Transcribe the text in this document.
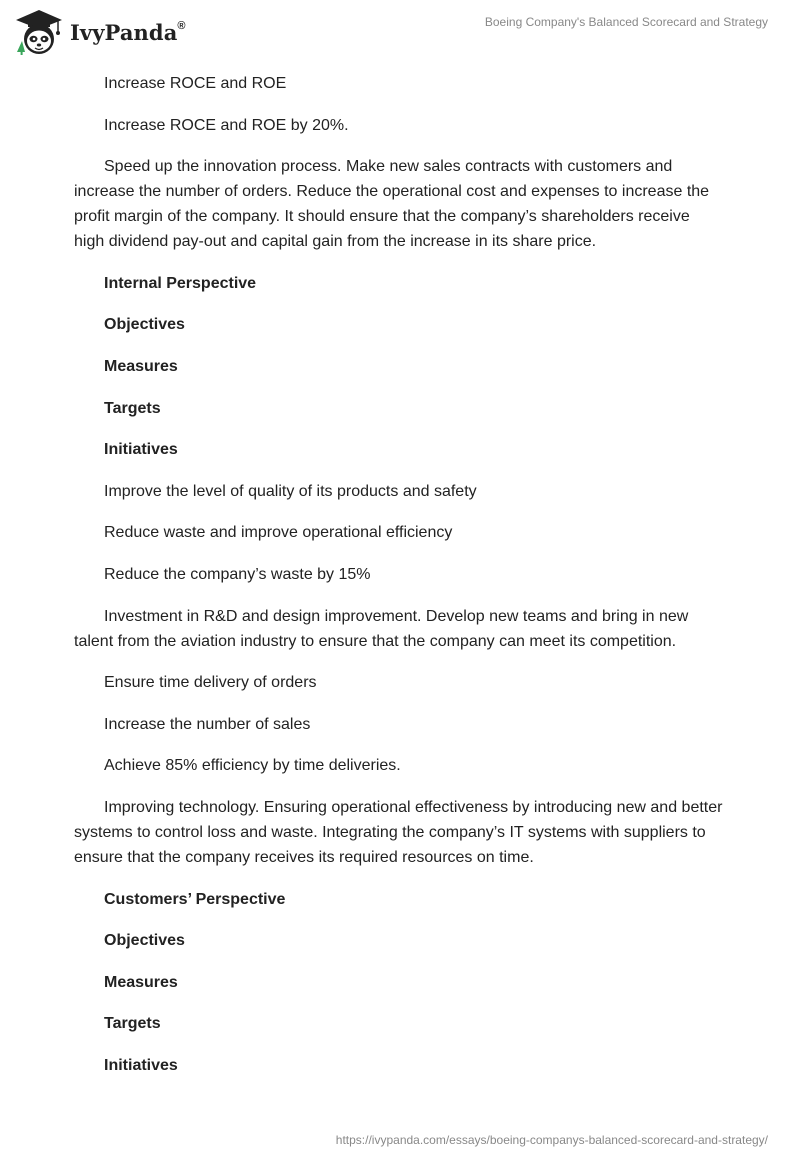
IvyPanda®	Boeing Company's Balanced Scorecard and Strategy

Increase ROCE and ROE

Increase ROCE and ROE by 20%.

Speed up the innovation process. Make new sales contracts with customers and increase the number of orders. Reduce the operational cost and expenses to increase the profit margin of the company. It should ensure that the company’s shareholders receive high dividend pay-out and capital gain from the increase in its share price.

Internal Perspective

Objectives

Measures

Targets

Initiatives

Improve the level of quality of its products and safety

Reduce waste and improve operational efficiency

Reduce the company’s waste by 15%

Investment in R&D and design improvement. Develop new teams and bring in new talent from the aviation industry to ensure that the company can meet its competition.

Ensure time delivery of orders

Increase the number of sales

Achieve 85% efficiency by time deliveries.

Improving technology. Ensuring operational effectiveness by introducing new and better systems to control loss and waste. Integrating the company’s IT systems with suppliers to ensure that the company receives its required resources on time.

Customers’ Perspective

Objectives

Measures

Targets

Initiatives

https://ivypanda.com/essays/boeing-companys-balanced-scorecard-and-strategy/
